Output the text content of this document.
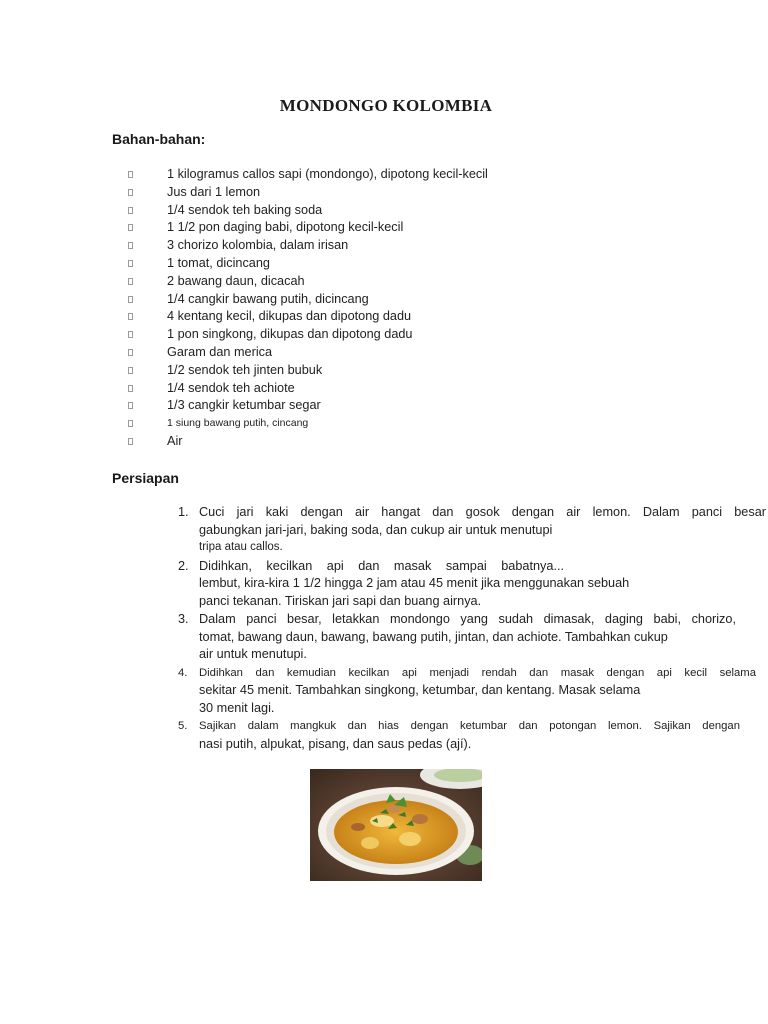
MONDONGO KOLOMBIA
Bahan-bahan:
1 kilogramus callos sapi (mondongo), dipotong kecil-kecil
Jus dari 1 lemon
1/4 sendok teh baking soda
1 1/2 pon daging babi, dipotong kecil-kecil
3 chorizo kolombia, dalam irisan
1 tomat, dicincang
2 bawang daun, dicacah
1/4 cangkir bawang putih, dicincang
4 kentang kecil, dikupas dan dipotong dadu
1 pon singkong, dikupas dan dipotong dadu
Garam dan merica
1/2 sendok teh jinten bubuk
1/4 sendok teh achiote
1/3 cangkir ketumbar segar
1 siung bawang putih, cincang
Air
Persiapan
1. Cuci jari kaki dengan air hangat dan gosok dengan air lemon. Dalam panci besar
gabungkan jari-jari, baking soda, dan cukup air untuk menutupi
tripa atau callos.
2. Didihkan, kecilkan api dan masak sampai babatnya...
lembut, kira-kira 1 1/2 hingga 2 jam atau 45 menit jika menggunakan sebuah
panci tekanan. Tiriskan jari sapi dan buang airnya.
3. Dalam panci besar, letakkan mondongo yang sudah dimasak, daging babi, chorizo,
tomat, bawang daun, bawang, bawang putih, jintan, dan achiote. Tambahkan cukup
air untuk menutupi.
4. Didihkan dan kemudian kecilkan api menjadi rendah dan masak dengan api kecil selama
sekitar 45 menit. Tambahkan singkong, ketumbar, dan kentang. Masak selama
30 menit lagi.
5. Sajikan dalam mangkuk dan hias dengan ketumbar dan potongan lemon. Sajikan dengan
nasi putih, alpukat, pisang, dan saus pedas (ají).
